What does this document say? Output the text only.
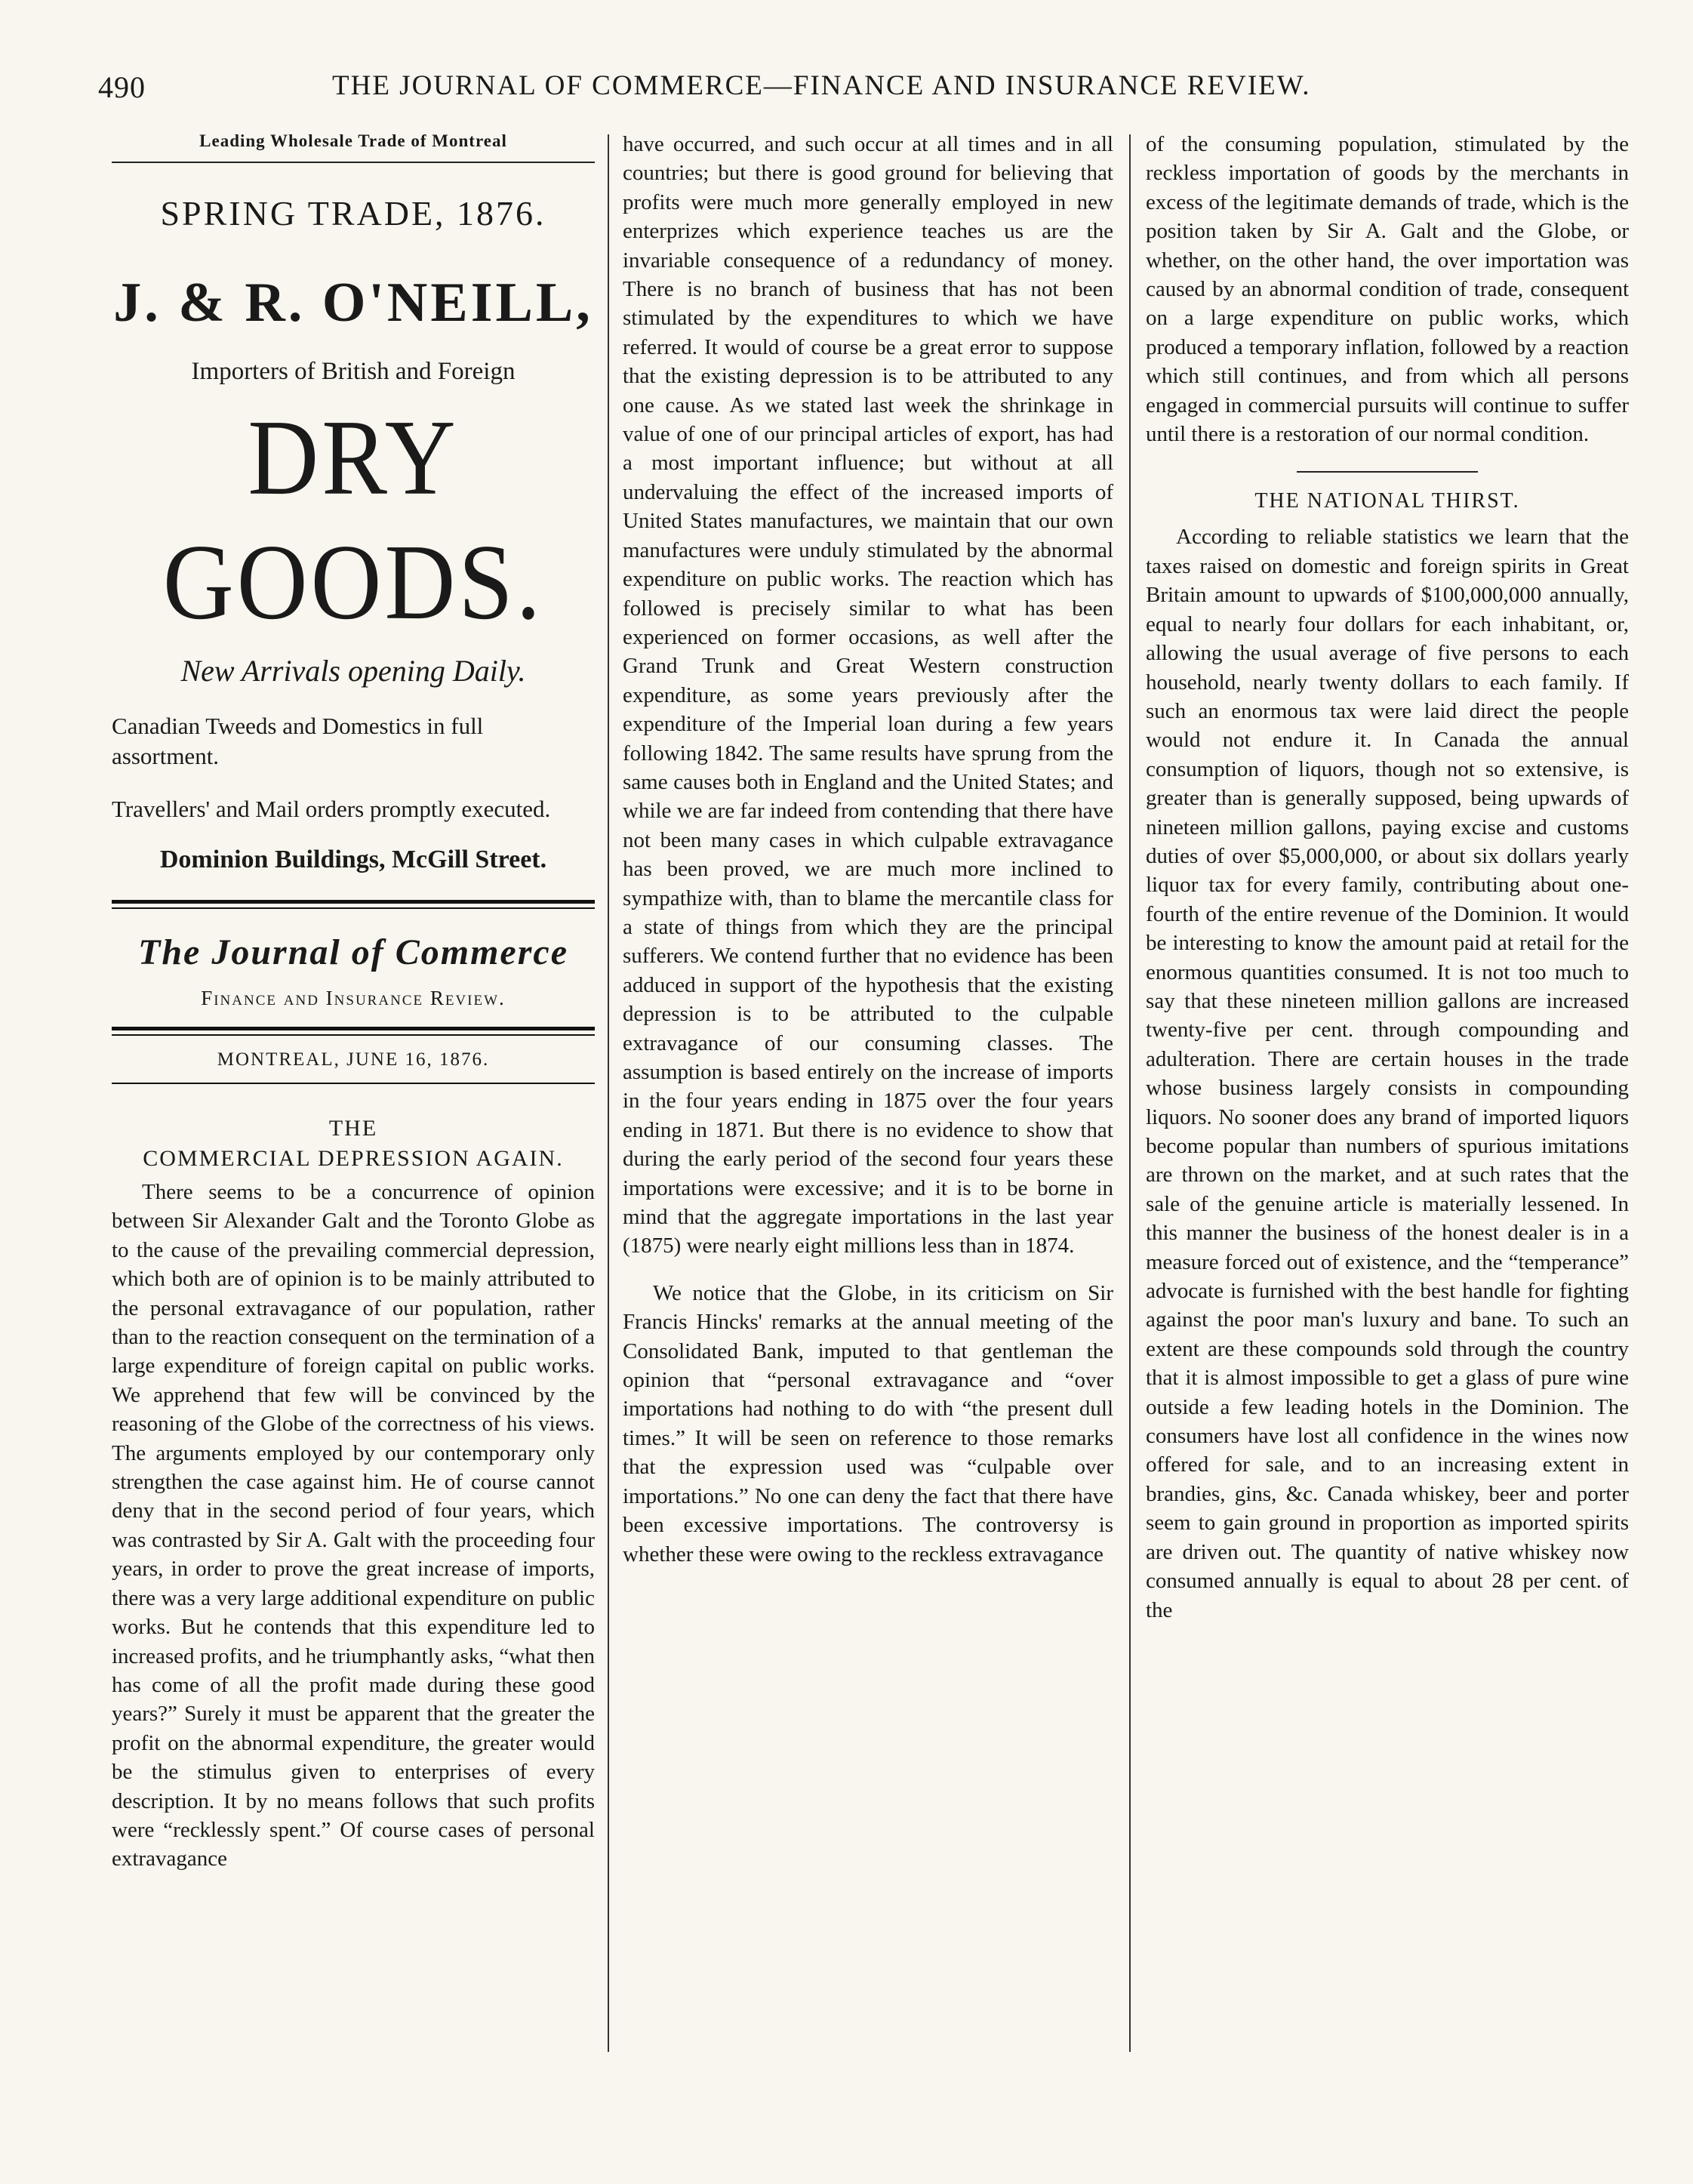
490	THE JOURNAL OF COMMERCE—FINANCE AND INSURANCE REVIEW.
Leading Wholesale Trade of Montreal
SPRING TRADE, 1876.
J. & R. O'NEILL,
Importers of British and Foreign
DRY GOODS.
New Arrivals opening Daily.
Canadian Tweeds and Domestics in full assortment.
Travellers' and Mail orders promptly executed.
Dominion Buildings, McGill Street.
The Journal of Commerce
Finance and Insurance Review.
MONTREAL, JUNE 16, 1876.
THE
COMMERCIAL DEPRESSION AGAIN.

There seems to be a concurrence of opinion between Sir Alexander Galt and the Toronto Globe as to the cause of the prevailing commercial depression, which both are of opinion is to be mainly attributed to the personal extravagance of our population, rather than to the reaction consequent on the termination of a large expenditure of foreign capital on public works. We apprehend that few will be convinced by the reasoning of the Globe of the correctness of his views. The arguments employed by our contemporary only strengthen the case against him. He of course cannot deny that in the second period of four years, which was contrasted by Sir A. Galt with the proceeding four years, in order to prove the great increase of imports, there was a very large additional expenditure on public works. But he contends that this expenditure led to increased profits, and he triumphantly asks, “what then has come of all the profit made during these good years?” Surely it must be apparent that the greater the profit on the abnormal expenditure, the greater would be the stimulus given to enterprises of every description. It by no means follows that such profits were “recklessly spent.” Of course cases of personal extravagance

have occurred, and such occur at all times and in all countries; but there is good ground for believing that profits were much more generally employed in new enterprizes which experience teaches us are the invariable consequence of a redundancy of money. There is no branch of business that has not been stimulated by the expenditures to which we have referred. It would of course be a great error to suppose that the existing depression is to be attributed to any one cause. As we stated last week the shrinkage in value of one of our principal articles of export, has had a most important influence; but without at all undervaluing the effect of the increased imports of United States manufactures, we maintain that our own manufactures were unduly stimulated by the abnormal expenditure on public works. The reaction which has followed is precisely similar to what has been experienced on former occasions, as well after the Grand Trunk and Great Western construction expenditure, as some years previously after the expenditure of the Imperial loan during a few years following 1842. The same results have sprung from the same causes both in England and the United States; and while we are far indeed from contending that there have not been many cases in which culpable extravagance has been proved, we are much more inclined to sympathize with, than to blame the mercantile class for a state of things from which they are the principal sufferers. We contend further that no evidence has been adduced in support of the hypothesis that the existing depression is to be attributed to the culpable extravagance of our consuming classes. The assumption is based entirely on the increase of imports in the four years ending in 1875 over the four years ending in 1871. But there is no evidence to show that during the early period of the second four years these importations were excessive; and it is to be borne in mind that the aggregate importations in the last year (1875) were nearly eight millions less than in 1874.

We notice that the Globe, in its criticism on Sir Francis Hincks' remarks at the annual meeting of the Consolidated Bank, imputed to that gentleman the opinion that “personal extravagance and “over importations had nothing to do with “the present dull times.” It will be seen on reference to those remarks that the expression used was “culpable over importations.” No one can deny the fact that there have been excessive importations. The controversy is whether these were owing to the reckless extravagance

of the consuming population, stimulated by the reckless importation of goods by the merchants in excess of the legitimate demands of trade, which is the position taken by Sir A. Galt and the Globe, or whether, on the other hand, the over importation was caused by an abnormal condition of trade, consequent on a large expenditure on public works, which produced a temporary inflation, followed by a reaction which still continues, and from which all persons engaged in commercial pursuits will continue to suffer until there is a restoration of our normal condition.

THE NATIONAL THIRST.

According to reliable statistics we learn that the taxes raised on domestic and foreign spirits in Great Britain amount to upwards of $100,000,000 annually, equal to nearly four dollars for each inhabitant, or, allowing the usual average of five persons to each household, nearly twenty dollars to each family. If such an enormous tax were laid direct the people would not endure it. In Canada the annual consumption of liquors, though not so extensive, is greater than is generally supposed, being upwards of nineteen million gallons, paying excise and customs duties of over $5,000,000, or about six dollars yearly liquor tax for every family, contributing about one-fourth of the entire revenue of the Dominion. It would be interesting to know the amount paid at retail for the enormous quantities consumed. It is not too much to say that these nineteen million gallons are increased twenty-five per cent. through compounding and adulteration. There are certain houses in the trade whose business largely consists in compounding liquors. No sooner does any brand of imported liquors become popular than numbers of spurious imitations are thrown on the market, and at such rates that the sale of the genuine article is materially lessened. In this manner the business of the honest dealer is in a measure forced out of existence, and the “temperance” advocate is furnished with the best handle for fighting against the poor man's luxury and bane. To such an extent are these compounds sold through the country that it is almost impossible to get a glass of pure wine outside a few leading hotels in the Dominion. The consumers have lost all confidence in the wines now offered for sale, and to an increasing extent in brandies, gins, &c. Canada whiskey, beer and porter seem to gain ground in proportion as imported spirits are driven out. The quantity of native whiskey now consumed annually is equal to about 28 per cent. of the
